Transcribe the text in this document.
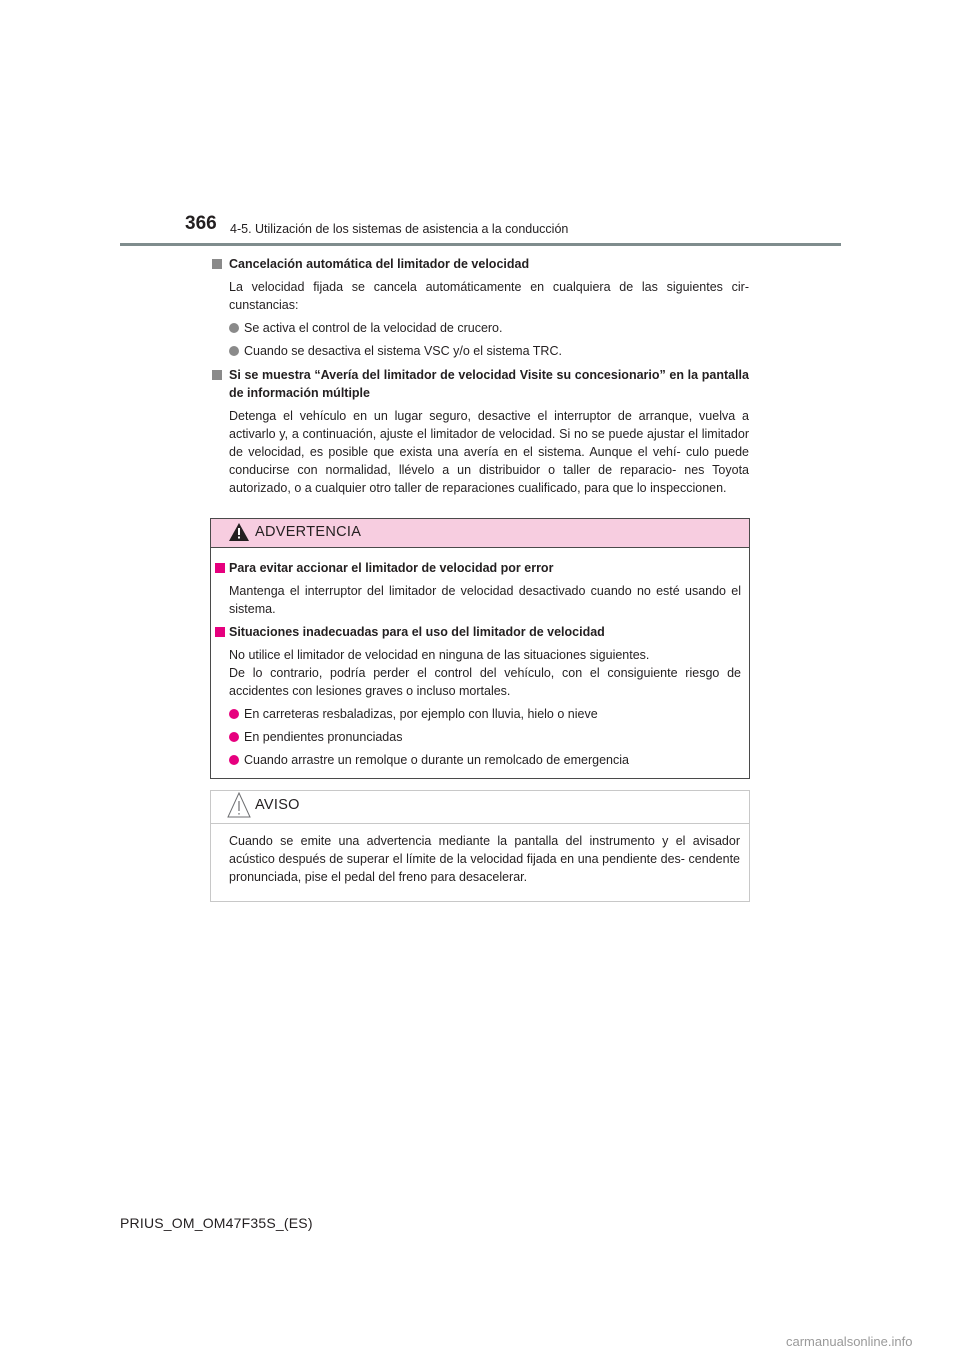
366 4-5. Utilización de los sistemas de asistencia a la conducción

Cancelación automática del limitador de velocidad

La velocidad fijada se cancela automáticamente en cualquiera de las siguientes cir- cunstancias:

Se activa el control de la velocidad de crucero.

Cuando se desactiva el sistema VSC y/o el sistema TRC.

Si se muestra “Avería del limitador de velocidad Visite su concesionario” en la pantalla de información múltiple

Detenga el vehículo en un lugar seguro, desactive el interruptor de arranque, vuelva a activarlo y, a continuación, ajuste el limitador de velocidad. Si no se puede ajustar el limitador de velocidad, es posible que exista una avería en el sistema. Aunque el vehí- culo puede conducirse con normalidad, llévelo a un distribuidor o taller de reparacio- nes Toyota autorizado, o a cualquier otro taller de reparaciones cualificado, para que lo inspeccionen.

ADVERTENCIA

Para evitar accionar el limitador de velocidad por error

Mantenga el interruptor del limitador de velocidad desactivado cuando no esté usando el sistema.

Situaciones inadecuadas para el uso del limitador de velocidad

No utilice el limitador de velocidad en ninguna de las situaciones siguientes.

De lo contrario, podría perder el control del vehículo, con el consiguiente riesgo de accidentes con lesiones graves o incluso mortales.

En carreteras resbaladizas, por ejemplo con lluvia, hielo o nieve

En pendientes pronunciadas

Cuando arrastre un remolque o durante un remolcado de emergencia

AVISO

Cuando se emite una advertencia mediante la pantalla del instrumento y el avisador acústico después de superar el límite de la velocidad fijada en una pendiente des- cendente pronunciada, pise el pedal del freno para desacelerar.

PRIUS_OM_OM47F35S_(ES)
carmanualsonline.info
